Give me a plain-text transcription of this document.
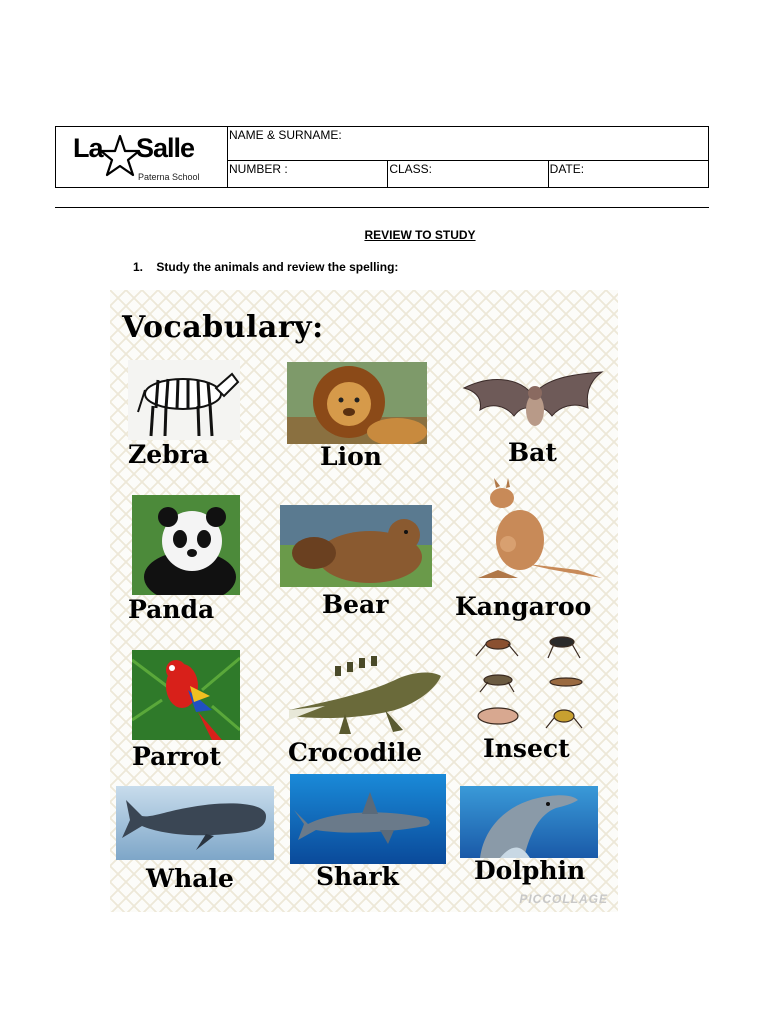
La Salle
Paterna School	NAME & SURNAME:		
	NUMBER :	CLASS:	DATE:
REVIEW TO STUDY
1. Study the animals and review the spelling:
Vocabulary:
Zebra	Lion	Bat
Panda	Bear	Kangaroo
Parrot	Crocodile Insect
Whale	Shark	Dolphin
PICCOLLAGE
